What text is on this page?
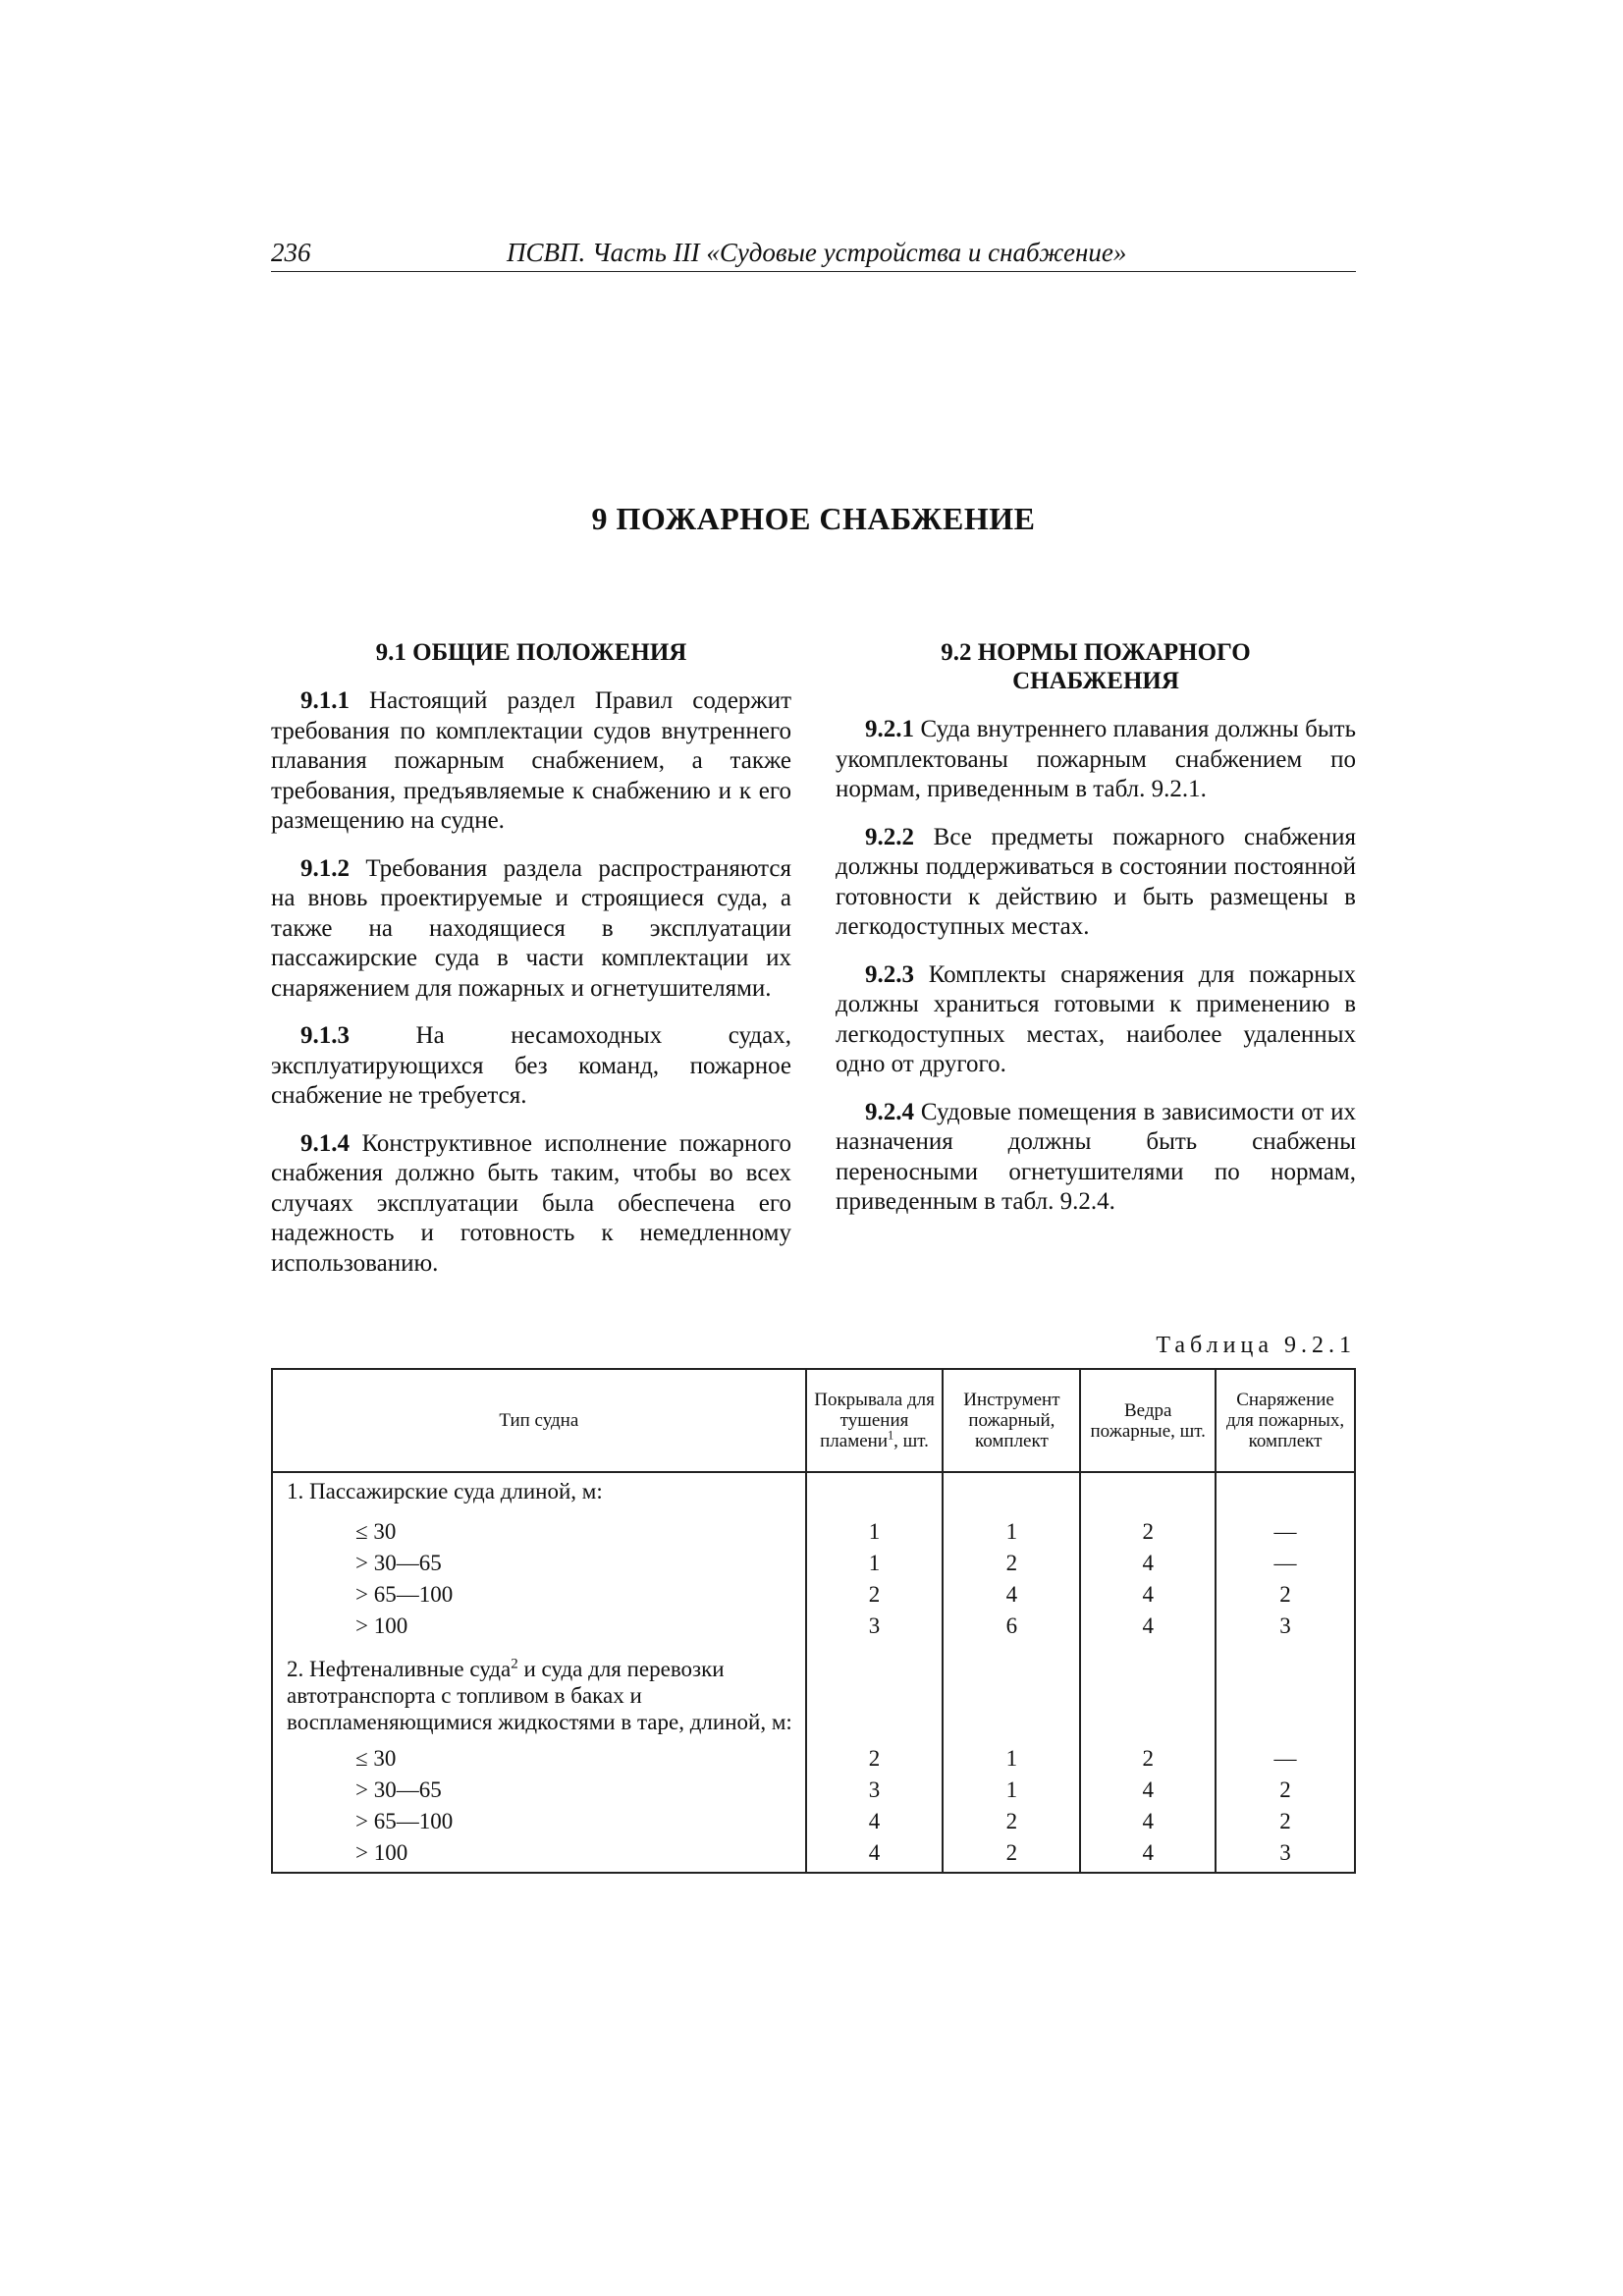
236	ПСВП. Часть III «Судовые устройства и снабжение»
9 ПОЖАРНОЕ СНАБЖЕНИЕ
9.1 ОБЩИЕ ПОЛОЖЕНИЯ

9.1.1 Настоящий раздел Правил содержит требования по комплектации судов внутреннего плавания пожарным снабжением, а также требования, предъявляемые к снабжению и к его размещению на судне.

9.1.2 Требования раздела распространяются на вновь проектируемые и строящиеся суда, а также на находящиеся в эксплуатации пассажирские суда в части комплектации их снаряжением для пожарных и огнетушителями.

9.1.3 На несамоходных судах, эксплуатирующихся без команд, пожарное снабжение не требуется.

9.1.4 Конструктивное исполнение пожарного снабжения должно быть таким, чтобы во всех случаях эксплуатации была обеспечена его надежность и готовность к немедленному использованию.

9.2 НОРМЫ ПОЖАРНОГО
СНАБЖЕНИЯ

9.2.1 Суда внутреннего плавания должны быть укомплектованы пожарным снабжением по нормам, приведенным в табл. 9.2.1.

9.2.2 Все предметы пожарного снабжения должны поддерживаться в состоянии постоянной готовности к действию и быть размещены в легкодоступных местах.

9.2.3 Комплекты снаряжения для пожарных должны храниться готовыми к применению в легкодоступных местах, наиболее удаленных одно от другого.

9.2.4 Судовые помещения в зависимости от их назначения должны быть снабжены переносными огнетушителями по нормам, приведенным в табл. 9.2.4.

Таблица 9.2.1
Тип судна	Покрывала для тушения пламени$^1$, шт.	Инструмент пожарный, комплект	Ведра пожарные, шт.	Снаряжение для пожарных, комплект
1. Пассажирские суда длиной, м:				
≤ 30	1	1	2	—
> 30—65	1	2	4	—
> 65—100	2	4	4	2
> 100	3	6	4	3
2. Нефтеналивные суда$^2$ и суда для перевозки автотранспорта с топливом в баках и воспламеняющимися жидкостями в таре, длиной, м:				
≤ 30	2	1	2	—
> 30—65	3	1	4	2
> 65—100	4	2	4	2
> 100	4	2	4	3
